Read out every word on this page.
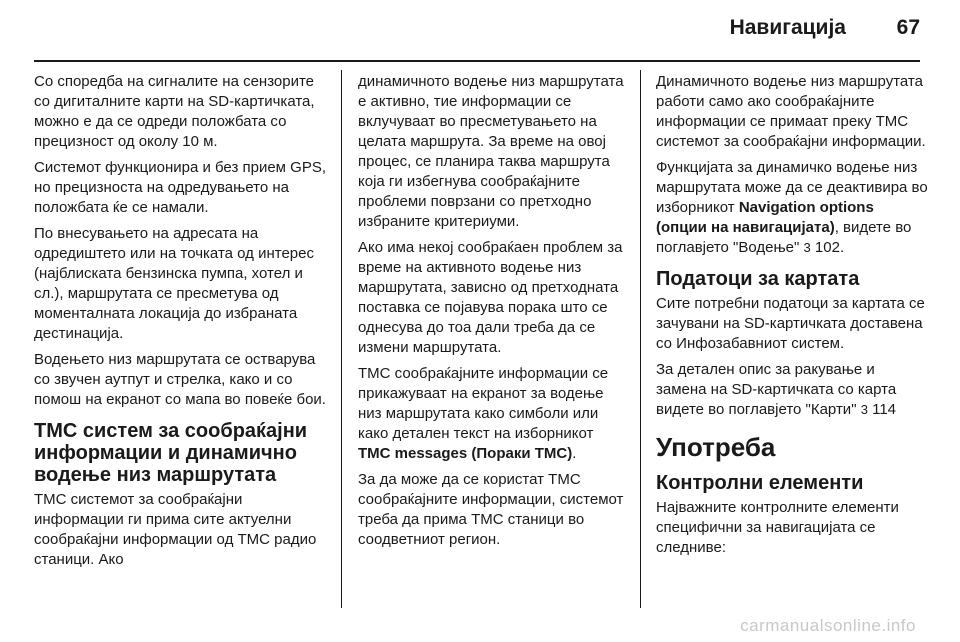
Навигација 67

Со споредба на сигналите на сензорите со дигиталните карти на SD-картичката, можно е да се одреди положбата со прецизност од околу 10 м.

Системот функционира и без прием GPS, но прецизноста на одредувањето на положбата ќе се намали.

По внесувањето на адресата на одредиштето или на точката од интерес (најблиската бензинска пумпа, хотел и сл.), маршрутата се пресметува од моменталната локација до избраната дестинација.

Водењето низ маршрутата се остварува со звучен аутпут и стрелка, како и со помош на екранот со мапа во повеќе бои.

ТМС систем за сообраќајни информации и динамично водење низ маршрутата

TMC системот за сообраќајни информации ги прима сите актуелни сообраќајни информации од TMC радио станици. Ако

динамичното водење низ маршрутата е активно, тие информации се вклучуваат во пресметувањето на целата маршрута. За време на овој процес, се планира таква маршрута која ги избегнува сообраќајните проблеми поврзани со претходно избраните критериуми.

Ако има некој сообраќаен проблем за време на активното водење низ маршрутата, зависно од претходната поставка се појавува порака што се однесува до тоа дали треба да се измени маршрутата.

TMC сообраќајните информации се прикажуваат на екранот за водење низ маршрутата како симболи или како детален текст на изборникот TMC messages (Пораки TMC).

За да може да се користат TMC сообраќајните информации, системот треба да прима TMC станици во соодветниот регион.

Динамичното водење низ маршрутата работи само ако сообраќајните информации се примаат преку TMC системот за сообраќајни информации.

Функцијата за динамичко водење низ маршрутата може да се деактивира во изборникот Navigation options (опции на навигацијата), видете во поглавјето "Водење" 3 102.

Податоци за картата

Сите потребни податоци за картата се зачувани на SD-картичката доставена со Инфозабавниот систем.

За детален опис за ракување и замена на SD-картичката со карта видете во поглавјето "Карти" 3 114

Употреба
Контролни елементи

Најважните контролните елементи специфични за навигацијата се следниве:

carmanualsonline.info
